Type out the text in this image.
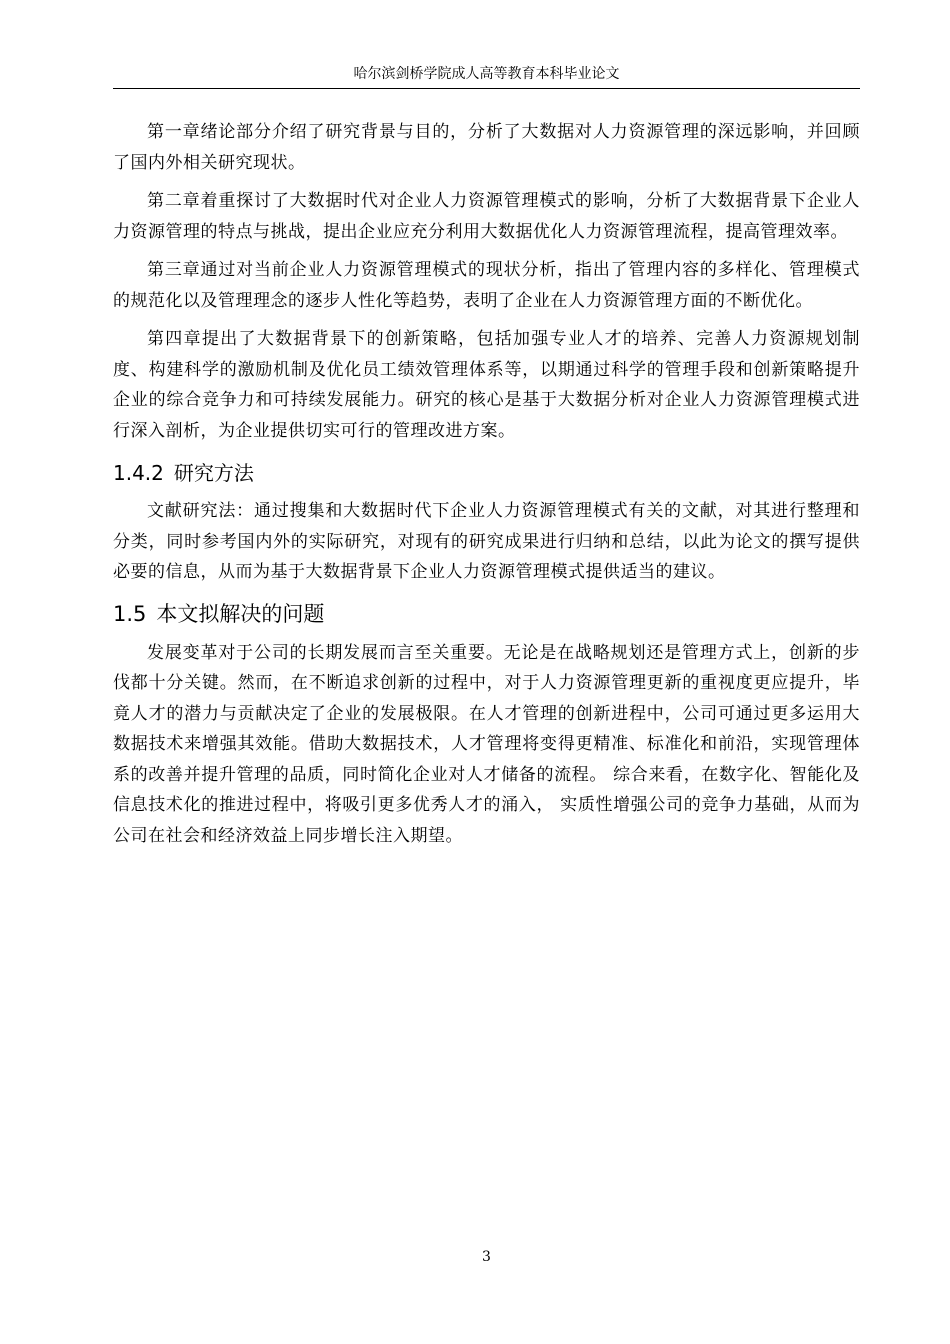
哈尔滨剑桥学院成人高等教育本科毕业论文

第一章绪论部分介绍了研究背景与目的，分析了大数据对人力资源管理的深远影响，并回顾了国内外相关研究现状。

第二章着重探讨了大数据时代对企业人力资源管理模式的影响，分析了大数据背景下企业人力资源管理的特点与挑战，提出企业应充分利用大数据优化人力资源管理流程，提高管理效率。

第三章通过对当前企业人力资源管理模式的现状分析，指出了管理内容的多样化、管理模式的规范化以及管理理念的逐步人性化等趋势，表明了企业在人力资源管理方面的不断优化。

第四章提出了大数据背景下的创新策略，包括加强专业人才的培养、完善人力资源规划制度、构建科学的激励机制及优化员工绩效管理体系等，以期通过科学的管理手段和创新策略提升企业的综合竞争力和可持续发展能力。研究的核心是基于大数据分析对企业人力资源管理模式进行深入剖析，为企业提供切实可行的管理改进方案。

1.4.2 研究方法

文献研究法：通过搜集和大数据时代下企业人力资源管理模式有关的文献，对其进行整理和分类，同时参考国内外的实际研究，对现有的研究成果进行归纳和总结，以此为论文的撰写提供必要的信息，从而为基于大数据背景下企业人力资源管理模式提供适当的建议。

1.5 本文拟解决的问题

发展变革对于公司的长期发展而言至关重要。无论是在战略规划还是管理方式上，创新的步伐都十分关键。然而，在不断追求创新的过程中，对于人力资源管理更新的重视度更应提升，毕竟人才的潜力与贡献决定了企业的发展极限。在人才管理的创新进程中，公司可通过更多运用大数据技术来增强其效能。借助大数据技术，人才管理将变得更精准、标准化和前沿，实现管理体系的改善并提升管理的品质，同时简化企业对人才储备的流程。 综合来看，在数字化、智能化及信息技术化的推进过程中，将吸引更多优秀人才的涌入， 实质性增强公司的竞争力基础，从而为公司在社会和经济效益上同步增长注入期望。

3
